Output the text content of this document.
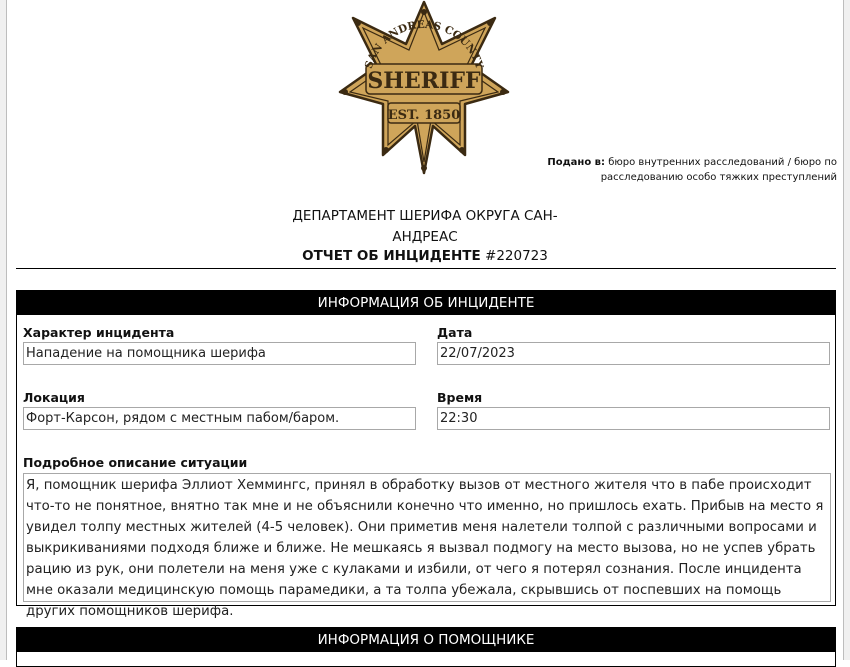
SAN ANDREAS COUNTY
SHERIFF
EST. 1850
Подано в: бюро внутренних расследований / бюро по расследованию особо тяжких преступлений
ДЕПАРТАМЕНТ ШЕРИФА ОКРУГА САН-
АНДРЕАС
ОТЧЕТ ОБ ИНЦИДЕНТЕ #220723
ИНФОРМАЦИЯ ОБ ИНЦИДЕНТЕ
Характер инцидента
Нападение на помощника шерифа
Дата
22/07/2023
Локация
Форт-Карсон, рядом с местным пабом/баром.
Время
22:30
Подробное описание ситуации
Я, помощник шерифа Эллиот Хеммингс, принял в обработку вызов от местного жителя что в пабе происходит что-то не понятное, внятно так мне и не объяснили конечно что именно, но пришлось ехать. Прибыв на место я увидел толпу местных жителей (4-5 человек). Они приметив меня налетели толпой с различными вопросами и выкрикиваниями подходя ближе и ближе. Не мешкаясь я вызвал подмогу на место вызова, но не успев убрать рацию из рук, они полетели на меня уже с кулаками и избили, от чего я потерял сознания. После инцидента мне оказали медицинскую помощь парамедики, а та толпа убежала, скрывшись от поспевших на помощь других помощников шерифа.
ИНФОРМАЦИЯ О ПОМОЩНИКЕ
